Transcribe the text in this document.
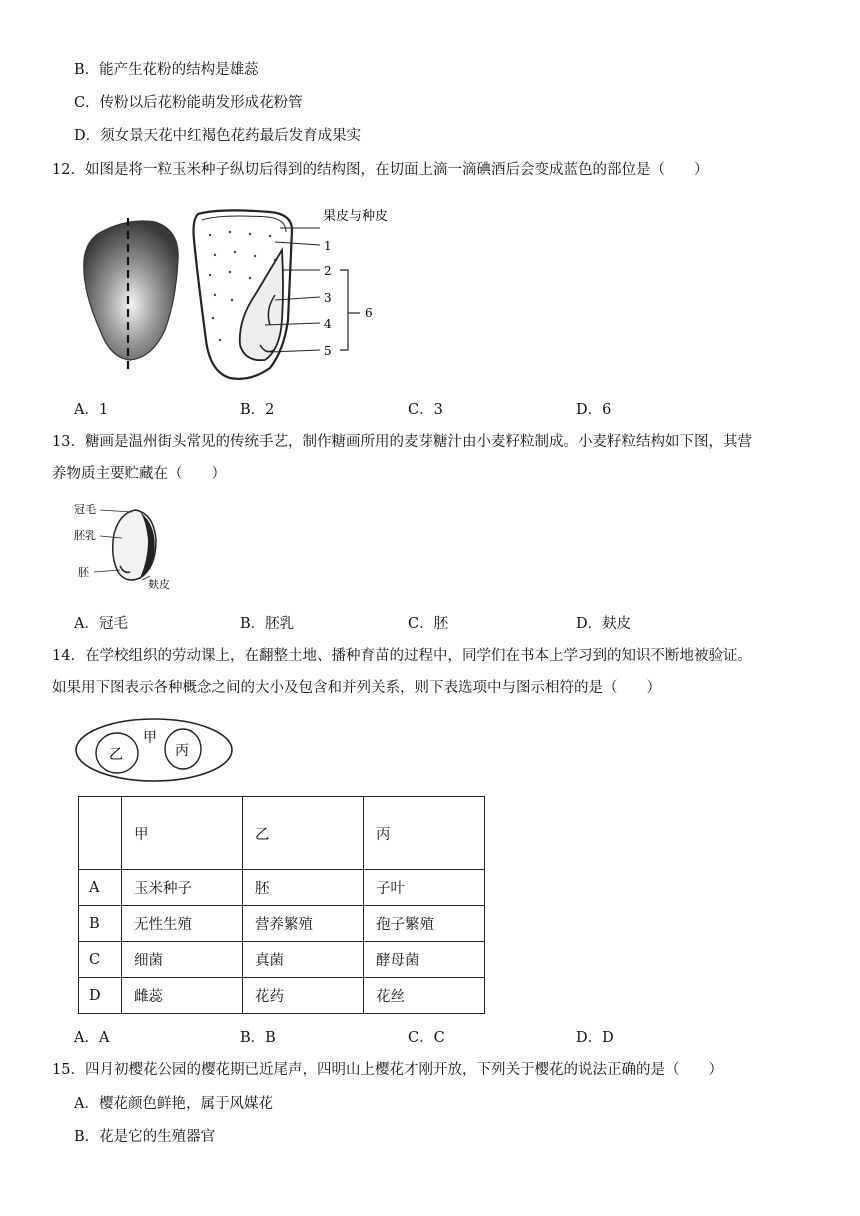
B．能产生花粉的结构是雄蕊
C．传粉以后花粉能萌发形成花粉管
D．须女景天花中红褐色花药最后发育成果实
12．如图是将一粒玉米种子纵切后得到的结构图，在切面上滴一滴碘酒后会变成蓝色的部位是（　　）
果皮与种皮
1
2
3
4
5
6
A．1	B．2	C．3	D．6
13．糖画是温州街头常见的传统手艺，制作糖画所用的麦芽糖汁由小麦籽粒制成。小麦籽粒结构如下图，其营
养物质主要贮藏在（　　）
冠毛
胚乳
胚
麸皮
A．冠毛	B．胚乳	C．胚	D．麸皮
14．在学校组织的劳动课上，在翻整土地、播种育苗的过程中，同学们在书本上学习到的知识不断地被验证。
如果用下图表示各种概念之间的大小及包含和并列关系，则下表选项中与图示相符的是（　　）
甲
乙	丙
	甲	乙	丙
A	玉米种子	胚	子叶
B	无性生殖	营养繁殖	孢子繁殖
C	细菌	真菌	酵母菌
D	雌蕊	花药	花丝
A．A	B．B	C．C	D．D
15．四月初樱花公园的樱花期已近尾声，四明山上樱花才刚开放，下列关于樱花的说法正确的是（　　）
A．樱花颜色鲜艳，属于风媒花
B．花是它的生殖器官
